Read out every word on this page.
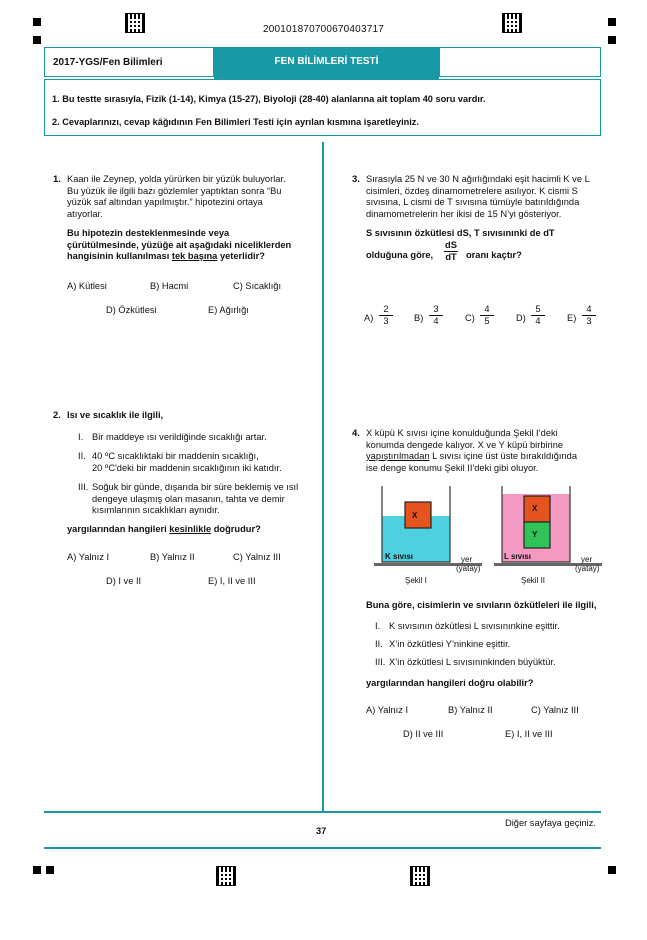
200101870700670403717
2017-YGS/Fen Bilimleri	FEN BİLİMLERİ TESTİ

1. Bu testte sırasıyla, Fizik (1-14), Kimya (15-27), Biyoloji (28-40) alanlarına ait toplam 40 soru vardır.

2. Cevaplarınızı, cevap kâğıdının Fen Bilimleri Testi için ayrılan kısmına işaretleyiniz.

1. Kaan ile Zeynep, yolda yürürken bir yüzük buluyorlar.
Bu yüzük ile ilgili bazı gözlemler yaptıktan sonra “Bu
yüzük saf altından yapılmıştır.” hipotezini ortaya
atıyorlar.
Bu hipotezin desteklenmesinde veya
çürütülmesinde, yüzüğe ait aşağıdaki niceliklerden
hangisinin kullanılması tek başına yeterlidir?
A) Kütlesi	B) Hacmi	C) Sıcaklığı
D) Özkütlesi	E) Ağırlığı
2. Isı ve sıcaklık ile ilgili,
I. Bir maddeye ısı verildiğinde sıcaklığı artar.
II. 40 ºC sıcaklıktaki bir maddenin sıcaklığı,
20 ºC'deki bir maddenin sıcaklığının iki katıdır.
III. Soğuk bir günde, dışarıda bir süre beklemiş ve ısıl
dengeye ulaşmış olan masanın, tahta ve demir
kısımlarının sıcaklıkları aynıdır.
yargılarından hangileri kesinlikle doğrudur?
A) Yalnız I	B) Yalnız II	C) Yalnız III
D) I ve II	E) I, II ve III
3. Sırasıyla 25 N ve 30 N ağırlığındaki eşit hacimli K ve L
cisimleri, özdeş dinamometrelere asılıyor. K cismi S
sıvısına, L cismi de T sıvısına tümüyle batırıldığında
dinamometrelerin her ikisi de 15 N’yi gösteriyor.
S sıvısının özkütlesi dS, T sıvısınınki de dT
olduğuna göre, $\frac{dS}{dT}$ oranı kaçtır?
$A) \frac{2}{3} B) \frac{3}{4} C) \frac{4}{5} D) \frac{5}{4} E) \frac{4}{3}$
4. X küpü K sıvısı içine konulduğunda Şekil I’deki
konumda dengede kalıyor. X ve Y küpü birbirine
yapıştırılmadan L sıvısı içine üst üste bırakıldığında
ise denge konumu Şekil II'deki gibi oluyor.
X
K sıvısı	yer
(yatay)
Şekil I
X
Y
L sıvısı	yer
(yatay)
Şekil II
Buna göre, cisimlerin ve sıvıların özkütleleri ile ilgili,
I. K sıvısının özkütlesi L sıvısınınkine eşittir.
II. X’in özkütlesi Y’ninkine eşittir.
III. X’in özkütlesi L sıvısınınkinden büyüktür.
yargılarından hangileri doğru olabilir?
A) Yalnız I	B) Yalnız II	C) Yalnız III
D) II ve III	E) I, II ve III
Diğer sayfaya geçiniz.
37
